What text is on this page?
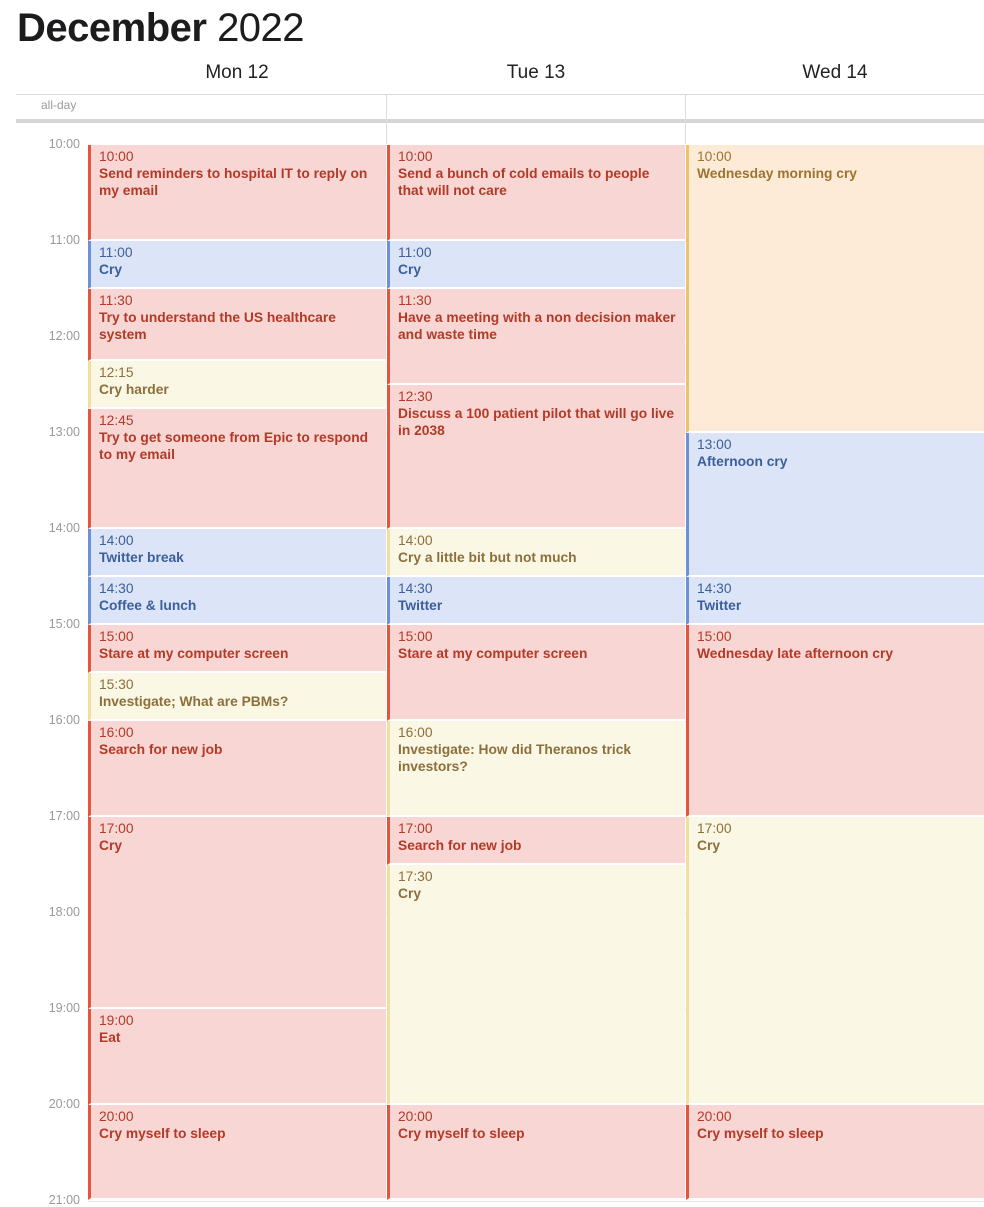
December 2022
Mon 12	Tue 13	Wed 14
all-day
10:00
11:00
12:00
13:00
14:00
15:00
16:00
17:00
18:00
19:00
20:00
21:00
10:00
Send reminders to hospital IT to reply on my email
11:00
Cry
11:30
Try to understand the US healthcare system
12:15
Cry harder
12:45
Try to get someone from Epic to respond to my email
14:00
Twitter break
14:30
Coffee & lunch
15:00
Stare at my computer screen
15:30
Investigate; What are PBMs?
16:00
Search for new job
17:00
Cry
19:00
Eat
20:00
Cry myself to sleep
10:00
Send a bunch of cold emails to people that will not care
11:00
Cry
11:30
Have a meeting with a non decision maker and waste time
12:30
Discuss a 100 patient pilot that will go live in 2038
14:00
Cry a little bit but not much
14:30
Twitter
15:00
Stare at my computer screen
16:00
Investigate: How did Theranos trick investors?
17:00
Search for new job
17:30
Cry
20:00
Cry myself to sleep
10:00
Wednesday morning cry
13:00
Afternoon cry
14:30
Twitter
15:00
Wednesday late afternoon cry
17:00
Cry
20:00
Cry myself to sleep
